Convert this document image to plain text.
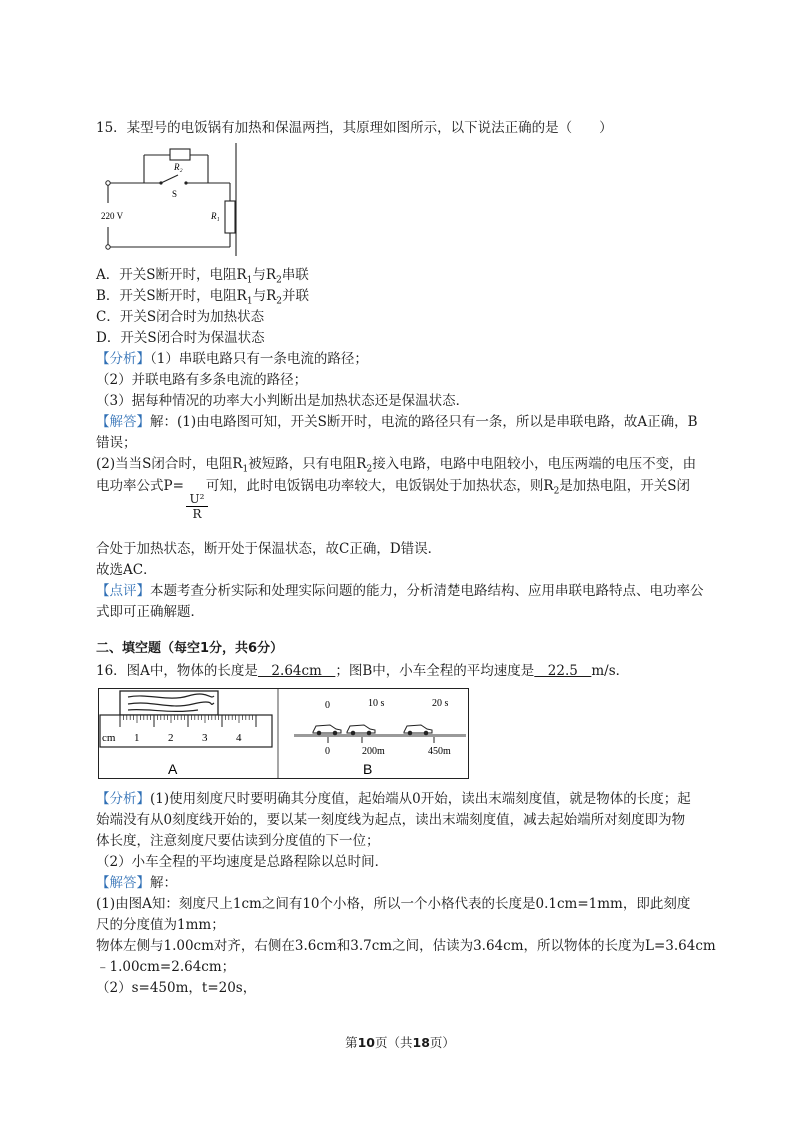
15．某型号的电饭锅有加热和保温两挡，其原理如图所示，以下说法正确的是（　　）
R₂
S
220 V	R₁
A．开关S断开时，电阻$R_1$与$R_2$串联
B．开关S断开时，电阻$R_1$与$R_2$并联
C．开关S闭合时为加热状态
D．开关S闭合时为保温状态
【分析】（1）串联电路只有一条电流的路径；
（2）并联电路有多条电流的路径；
（3）据每种情况的功率大小判断出是加热状态还是保温状态．
【解答】解：(1)由电路图可知，开关S断开时，电流的路径只有一条，所以是串联电路，故A正确，B
错误；
(2)当当S闭合时，电阻$R_1$被短路，只有电阻$R_2$接入电路，电路中电阻较小，电压两端的电压不变，由
电功率公式P= 可知，此时电饭锅电功率较大，电饭锅处于加热状态，则$R_2$是加热电阻，开关S闭
$\frac{\text{U²}}{R}$
合处于加热状态，断开处于保温状态，故C正确，D错误．
故选AC．
【点评】本题考查分析实际和处理实际问题的能力，分析清楚电路结构、应用串联电路特点、电功率公
式即可正确解题．
二、填空题（每空1分，共6分）
16．图A中，物体的长度是　2.64cm　；图B中，小车全程的平均速度是　22.5　m/s．
cm 1	2	3	4
A
0	10 s	20 s
0	200m	450m
B
【分析】(1)使用刻度尺时要明确其分度值，起始端从0开始，读出末端刻度值，就是物体的长度；起
始端没有从0刻度线开始的，要以某一刻度线为起点，读出末端刻度值，减去起始端所对刻度即为物
体长度，注意刻度尺要估读到分度值的下一位；
（2）小车全程的平均速度是总路程除以总时间．
【解答】解：
(1)由图A知：刻度尺上1cm之间有10个小格，所以一个小格代表的长度是0.1cm=1mm，即此刻度
尺的分度值为1mm；
物体左侧与1.00cm对齐，右侧在3.6cm和3.7cm之间，估读为3.64cm，所以物体的长度为L=3.64cm
﹣1.00cm=2.64cm；
（2）s=450m，t=20s，
第10页（共18页）
